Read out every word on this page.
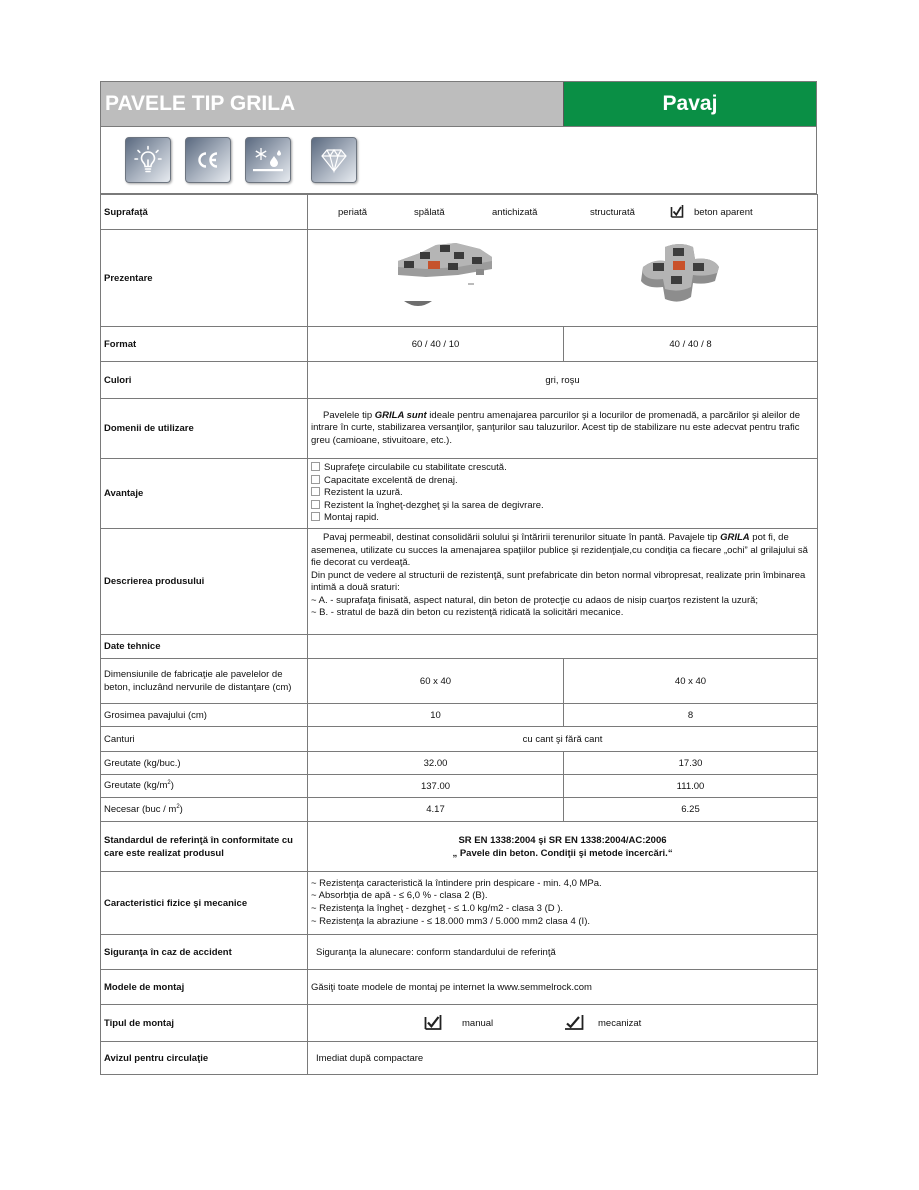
PAVELE TIP GRILA	Pavaj
Suprafață	periată spălată antichizată structurată beton aparent	

Prezentare	

Format	60 / 40 / 10	40 / 40 / 8
Culori	gri, roşu	
Domenii de utilizare	Pavelele tip GRILA sunt ideale pentru amenajarea parcurilor şi a locurilor de promenadă, a parcărilor şi aleilor de intrare în curte, stabilizarea versanţilor, şanţurilor sau taluzurilor. Acest tip de stabilizare nu este adecvat pentru trafic greu (camioane, stivuitoare, etc.).	

Avantaje	Suprafeţe circulabile cu stabilitate crescută.
Capacitate excelentă de drenaj.
Rezistent la uzură.
Rezistent la îngheţ-dezgheţ şi la sarea de degivrare.
Montaj rapid.	

Descrierea produsului	Pavaj permeabil, destinat consolidării solului şi întăririi terenurilor situate în pantă. Pavajele tip GRILA pot fi, de asemenea, utilizate cu succes la amenajarea spaţiilor publice şi rezidenţiale,cu condiţia ca fiecare „ochi” al grilajului să fie decorat cu verdeaţă.
Din punct de vedere al structurii de rezistenţă, sunt prefabricate din beton normal vibropresat, realizate prin îmbinarea intimă a două sraturi:
~ A. - suprafaţa finisată, aspect natural, din beton de protecţie cu adaos de nisip cuarţos rezistent la uzură;
~ B. - stratul de bază din beton cu rezistenţă ridicată la solicitări mecanice.	

Date tehnice		
Dimensiunile de fabricaţie ale pavelelor de beton, incluzând nervurile de distanţare (cm)	60 x 40	40 x 40
Grosimea pavajului (cm)	10	8
Canturi	cu cant şi fără cant	
Greutate (kg/buc.)	32.00	17.30
Greutate $(kg/m^2)$	137.00	111.00
Necesar $(buc / m^2)$	4.17	6.25
Standardul de referinţă în conformitate cu care este realizat produsul	SR EN 1338:2004 şi SR EN 1338:2004/AC:2006
„ Pavele din beton. Condiţii şi metode încercări.“	

Caracteristici fizice şi mecanice	~ Rezistenţa caracteristică la întindere prin despicare - min. 4,0 MPa.
~ Absorbţia de apă - ≤ 6,0 % - clasa 2 (B).
~ Rezistenţa la îngheţ - dezgheţ - ≤ 1.0 kg/m2 - clasa 3 (D ).
~ Rezistenţa la abraziune - ≤ 18.000 mm3 / 5.000 mm2 clasa 4 (I).	

Siguranţa în caz de accident	Siguranţa la alunecare: conform standardului de referinţă	
Modele de montaj	Găsiţi toate modele de montaj pe internet la www.semmelrock.com	
Tipul de montaj	manual mecanizat	

Avizul pentru circulaţie	Imediat după compactare	
